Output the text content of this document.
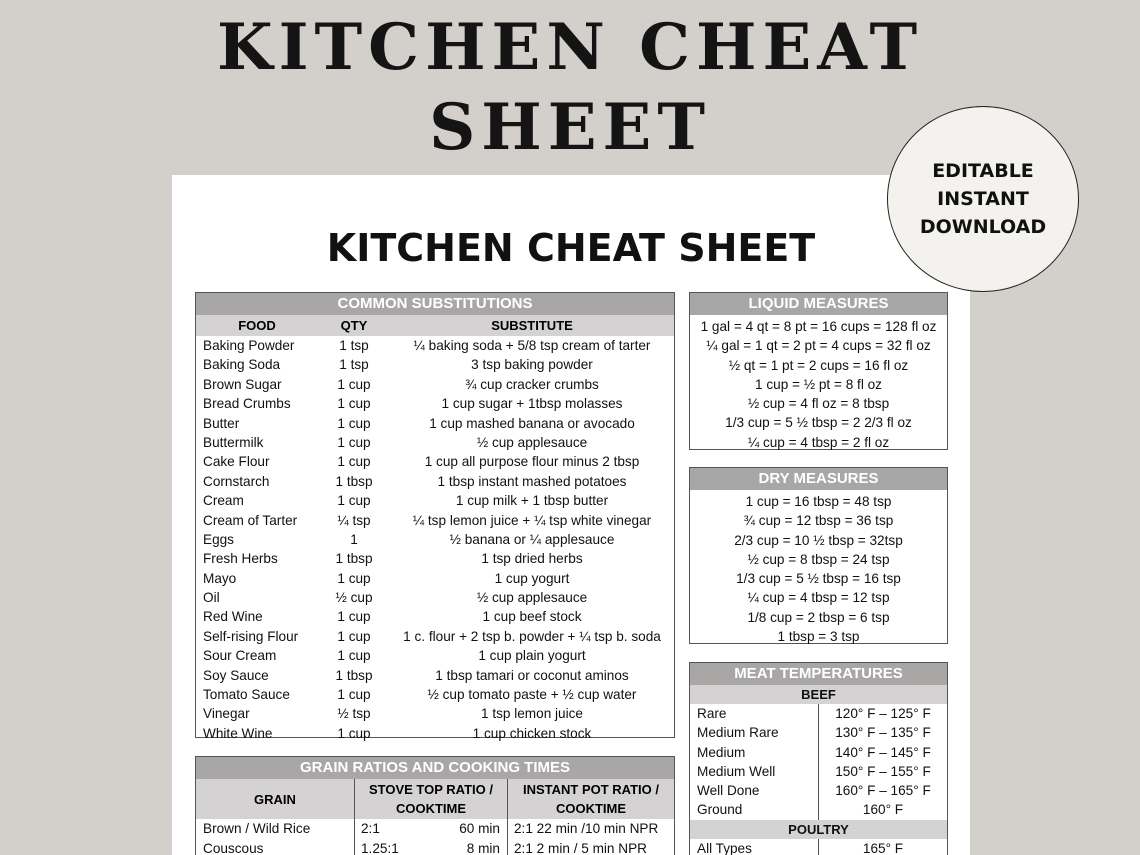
KITCHEN CHEAT
SHEET
KITCHEN CHEAT SHEET
EDITABLE
INSTANT
DOWNLOAD
COMMON SUBSTITUTIONS
FOOD	QTY	SUBSTITUTE
Baking Powder	1 tsp	¼ baking soda + 5/8 tsp cream of tarter
Baking Soda	1 tsp	3 tsp baking powder
Brown Sugar	1 cup	¾ cup cracker crumbs
Bread Crumbs	1 cup	1 cup sugar + 1tbsp molasses
Butter	1 cup	1 cup mashed banana or avocado
Buttermilk	1 cup	½ cup applesauce
Cake Flour	1 cup	1 cup all purpose flour minus 2 tbsp
Cornstarch	1 tbsp	1 tbsp instant mashed potatoes
Cream	1 cup	1 cup milk + 1 tbsp butter
Cream of Tarter	¼ tsp	¼ tsp lemon juice + ¼ tsp white vinegar
Eggs	1	½ banana or ¼ applesauce
Fresh Herbs	1 tbsp	1 tsp dried herbs
Mayo	1 cup	1 cup yogurt
Oil	½ cup	½ cup applesauce
Red Wine	1 cup	1 cup beef stock
Self-rising Flour	1 cup	1 c. flour + 2 tsp b. powder + ¼ tsp b. soda
Sour Cream	1 cup	1 cup plain yogurt
Soy Sauce	1 tbsp	1 tbsp tamari or coconut aminos
Tomato Sauce	1 cup	½ cup tomato paste + ½ cup water
Vinegar	½ tsp	1 tsp lemon juice
White Wine	1 cup	1 cup chicken stock
LIQUID MEASURES
1 gal = 4 qt = 8 pt = 16 cups = 128 fl oz
¼ gal = 1 qt = 2 pt = 4 cups = 32 fl oz
½ qt = 1 pt = 2 cups = 16 fl oz
1 cup = ½ pt = 8 fl oz
½ cup = 4 fl oz = 8 tbsp
1/3 cup = 5 ½ tbsp = 2 2/3 fl oz
¼ cup = 4 tbsp = 2 fl oz
DRY MEASURES
1 cup = 16 tbsp = 48 tsp
¾ cup = 12 tbsp = 36 tsp
2/3 cup = 10 ½ tbsp = 32tsp
½ cup = 8 tbsp = 24 tsp
1/3 cup = 5 ½ tbsp = 16 tsp
¼ cup = 4 tbsp = 12 tsp
1/8 cup = 2 tbsp = 6 tsp
1 tbsp = 3 tsp
MEAT TEMPERATURES
BEEF
Rare	120° F – 125° F
Medium Rare	130° F – 135° F
Medium	140° F – 145° F
Medium Well	150° F – 155° F
Well Done	160° F – 165° F
Ground	160° F
POULTRY
All Types	165° F
GRAIN RATIOS AND COOKING TIMES
GRAIN
STOVE TOP RATIO /
COOKTIME
INSTANT POT RATIO /
COOKTIME
Brown / Wild Rice	2:1	60 min	2:1 22 min /10 min NPR
Couscous	1.25:1	8 min	2:1 2 min / 5 min NPR
